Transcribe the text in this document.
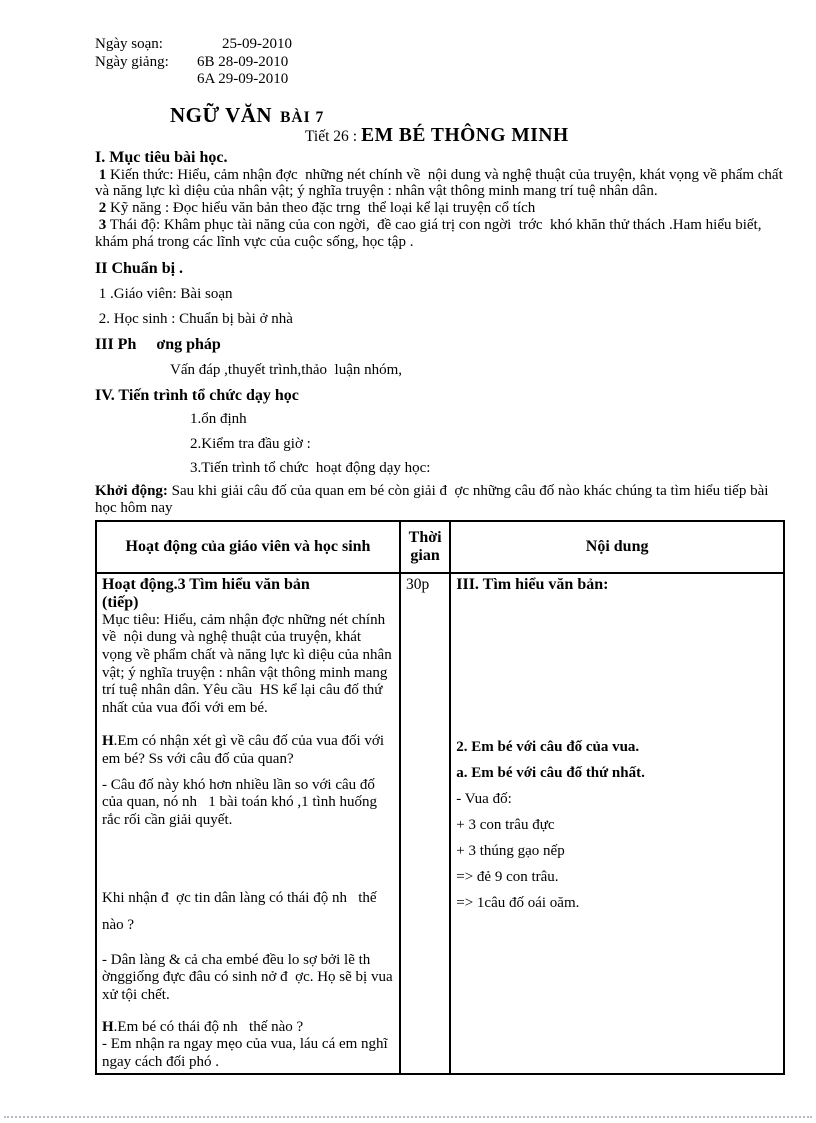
Ngày soạn:	25-09-2010
Ngày giảng:	6B 28-09-2010
6A 29-09-2010
NGỮ VĂN BÀI 7
Tiết 26 : EM BÉ THÔNG MINH
I. Mục tiêu bài học.
1 Kiến thức: Hiểu, cảm nhận đợc  những nét chính về  nội dung và nghệ thuật của truyện, khát vọng về phẩm chất và năng lực kì diệu của nhân vật; ý nghĩa truyện : nhân vật thông minh mang trí tuệ nhân dân.
2 Kỹ năng : Đọc hiểu văn bản theo đặc trng  thể loại kể lại truyện cổ tích
3 Thái độ: Khâm phục tài năng của con ngời,  đề cao giá trị con ngời  trớc  khó khăn thử thách .Ham hiểu biết, khám phá trong các lĩnh vực của cuộc sống, học tập .
II Chuẩn bị .
1 .Giáo viên: Bài soạn
2. Học sinh : Chuẩn bị bài ở nhà
III Ph     ơng pháp
Vấn đáp ,thuyết trình,thảo  luận nhóm,
IV. Tiến trình tổ chức dạy học
1.ổn định
2.Kiểm tra đầu giờ :
3.Tiến trình tổ chức  hoạt động dạy học:
Khởi động: Sau khi giải câu đố của quan em bé còn giải đ  ợc những câu đố nào khác chúng ta tìm hiểu tiếp bài học hôm nay
Hoạt động của giáo viên và học sinh	Thời gian	Nội dung

Hoạt động.3 Tìm hiểu văn bản
(tiếp)
Mục tiêu: Hiểu, cảm nhận đợc những nét chính về  nội dung và nghệ thuật của truyện, khát vọng về phẩm chất và năng lực kì diệu của nhân vật; ý nghĩa truyện : nhân vật thông minh mang trí tuệ nhân dân. Yêu cầu  HS kể lại câu đố thứ nhất của vua đối với em bé.
H.Em có nhận xét gì về câu đố của vua đối với em bé? Ss với câu đố của quan?
- Câu đố này khó hơn nhiều lần so với câu đố của quan, nó nh   1 bài toán khó ,1 tình huống rắc rối cần giải quyết.
Khi nhận đ  ợc tin dân làng có thái độ nh   thế nào ?
- Dân làng & cả cha embé đều lo sợ bởi lẽ th  ờnggiống đực đâu có sinh nở đ  ợc. Họ sẽ bị vua xử tội chết.
H.Em bé có thái độ nh   thế nào ?
- Em nhận ra ngay mẹo của vua, láu cá em nghĩ ngay cách đối phó .
	30p	III. Tìm hiểu văn bản:
2. Em bé với câu đố của vua.
a. Em bé với câu đố thứ nhất.
- Vua đố:
+ 3 con trâu đực
+ 3 thúng gạo nếp
=> đẻ 9 con trâu.
=> 1câu đố oái oăm.
